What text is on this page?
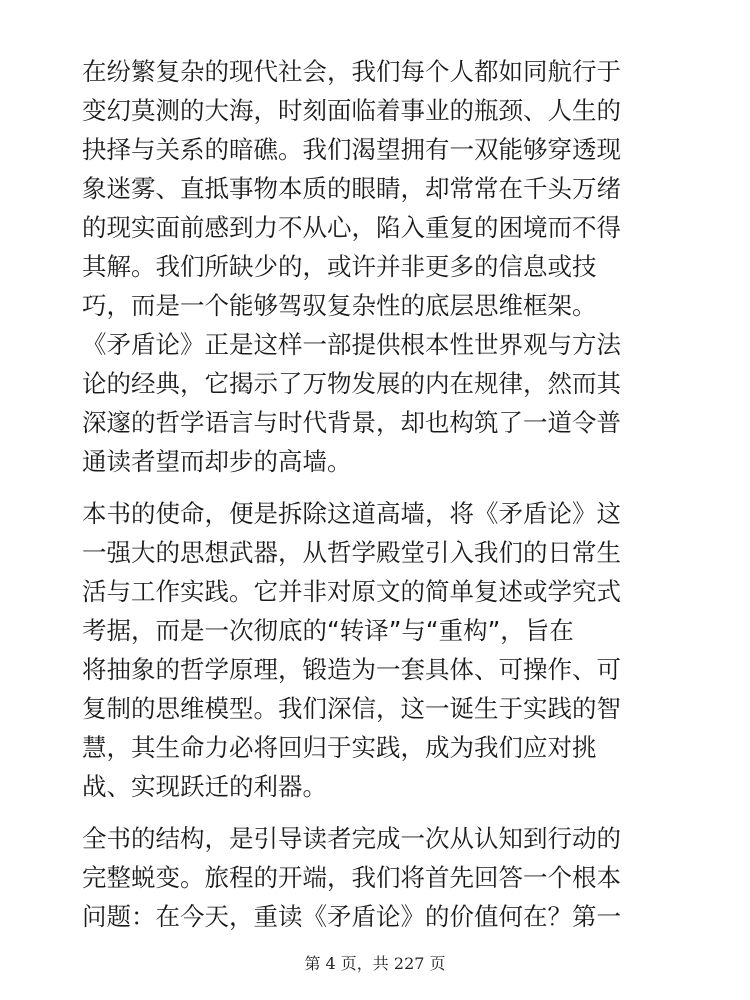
在纷繁复杂的现代社会，我们每个人都如同航行于
变幻莫测的大海，时刻面临着事业的瓶颈、人生的
抉择与关系的暗礁。我们渴望拥有一双能够穿透现
象迷雾、直抵事物本质的眼睛，却常常在千头万绪
的现实面前感到力不从心，陷入重复的困境而不得
其解。我们所缺少的，或许并非更多的信息或技
巧，而是一个能够驾驭复杂性的底层思维框架。
《矛盾论》正是这样一部提供根本性世界观与方法
论的经典，它揭示了万物发展的内在规律，然而其
深邃的哲学语言与时代背景，却也构筑了一道令普
通读者望而却步的高墙。
本书的使命，便是拆除这道高墙，将《矛盾论》这
一强大的思想武器，从哲学殿堂引入我们的日常生
活与工作实践。它并非对原文的简单复述或学究式
考据，而是一次彻底的“转译”与“重构”，旨在
将抽象的哲学原理，锻造为一套具体、可操作、可
复制的思维模型。我们深信，这一诞生于实践的智
慧，其生命力必将回归于实践，成为我们应对挑
战、实现跃迁的利器。
全书的结构，是引导读者完成一次从认知到行动的
完整蜕变。旅程的开端，我们将首先回答一个根本
问题：在今天，重读《矛盾论》的价值何在？第一
第 4 页，共 227 页
